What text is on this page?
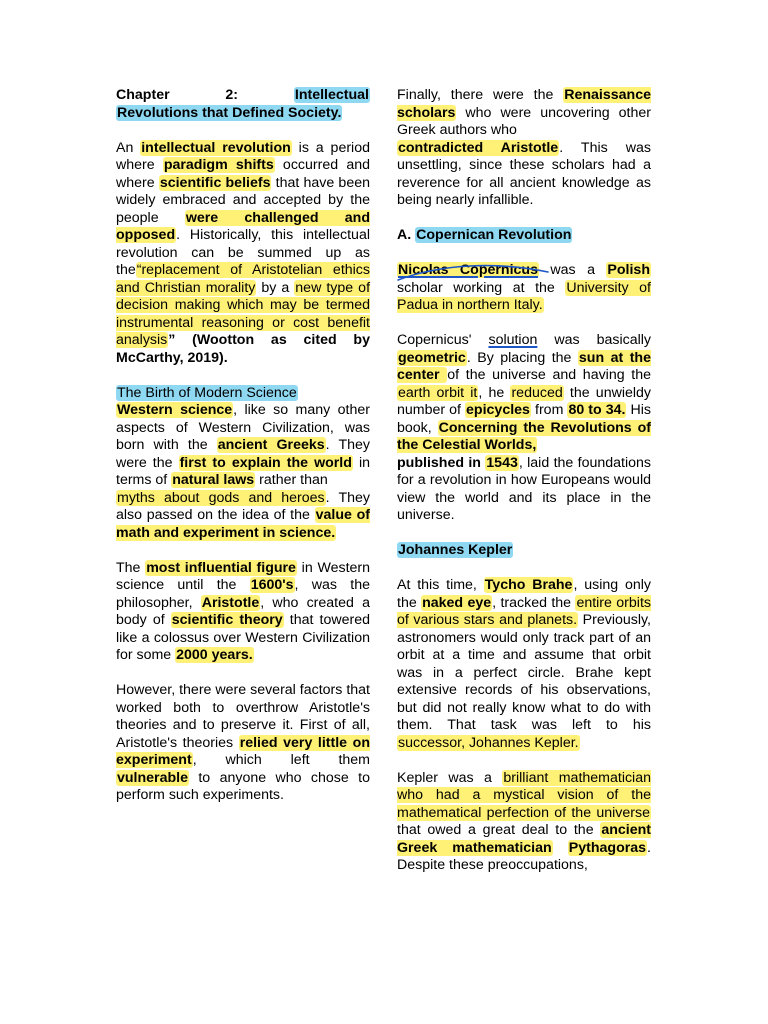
Chapter 2:	Intellectual
Revolutions that Defined Society.
An intellectual revolution is a period where paradigm shifts occurred and where scientific beliefs that have been widely embraced and accepted by the people were challenged and opposed. Historically, this intellectual revolution can be summed up as the“replacement of Aristotelian ethics and Christian morality by a new type of decision making which may be termed instrumental reasoning or cost benefit analysis” (Wootton as cited by McCarthy, 2019).
The Birth of Modern Science
Western science, like so many other aspects of Western Civilization, was born with the ancient Greeks. They were the first to explain the world in terms of natural laws rather than
myths about gods and heroes. They also passed on the idea of the value of math and experiment in science.
The most influential figure in Western science until the 1600's, was the philosopher, Aristotle, who created a body of scientific theory that towered like a colossus over Western Civilization for some 2000 years.
However, there were several factors that worked both to overthrow Aristotle's theories and to preserve it. First of all, Aristotle's theories relied very little on experiment, which left them vulnerable to anyone who chose to perform such experiments.
Finally, there were the Renaissance scholars who were uncovering other Greek authors who
contradicted Aristotle. This was unsettling, since these scholars had a reverence for all ancient knowledge as being nearly infallible.
A. Copernican Revolution
Nicolas Copernicus was a Polish scholar working at the University of Padua in northern Italy.
Copernicus' solution was basically geometric. By placing the sun at the center of the universe and having the earth orbit it, he reduced the unwieldy number of epicycles from 80 to 34. His book, Concerning the Revolutions of the Celestial Worlds,
published in 1543, laid the foundations for a revolution in how Europeans would view the world and its place in the universe.
Johannes Kepler
At this time, Tycho Brahe, using only the naked eye, tracked the entire orbits of various stars and planets. Previously, astronomers would only track part of an orbit at a time and assume that orbit was in a perfect circle. Brahe kept extensive records of his observations, but did not really know what to do with them. That task was left to his successor, Johannes Kepler.
Kepler was a brilliant mathematician who had a mystical vision of the mathematical perfection of the universe that owed a great deal to the ancient Greek mathematician Pythagoras. Despite these preoccupations,
